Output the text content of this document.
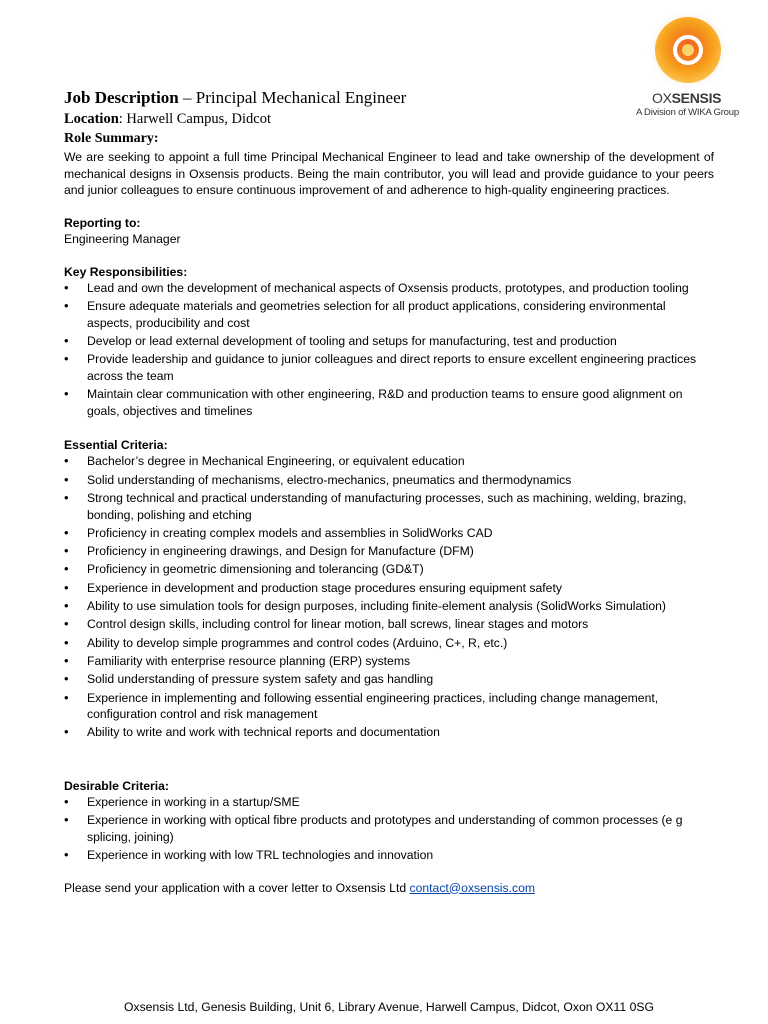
OXSENSIS
A Division of WIKA Group
Job Description – Principal Mechanical Engineer
Location: Harwell Campus, Didcot
Role Summary:

We are seeking to appoint a full time Principal Mechanical Engineer to lead and take ownership of the development of mechanical designs in Oxsensis products. Being the main contributor, you will lead and provide guidance to your peers and junior colleagues to ensure continuous improvement of and adherence to high-quality engineering practices.

Reporting to:

Engineering Manager

Key Responsibilities:
• Lead and own the development of mechanical aspects of Oxsensis products, prototypes, and production tooling
• Ensure adequate materials and geometries selection for all product applications, considering environmental aspects, producibility and cost
• Develop or lead external development of tooling and setups for manufacturing, test and production
• Provide leadership and guidance to junior colleagues and direct reports to ensure excellent engineering practices across the team
• Maintain clear communication with other engineering, R&D and production teams to ensure good alignment on goals, objectives and timelines
Essential Criteria:
• Bachelor’s degree in Mechanical Engineering, or equivalent education
• Solid understanding of mechanisms, electro-mechanics, pneumatics and thermodynamics
• Strong technical and practical understanding of manufacturing processes, such as machining, welding, brazing, bonding, polishing and etching
• Proficiency in creating complex models and assemblies in SolidWorks CAD
• Proficiency in engineering drawings, and Design for Manufacture (DFM)
• Proficiency in geometric dimensioning and tolerancing (GD&T)
• Experience in development and production stage procedures ensuring equipment safety
• Ability to use simulation tools for design purposes, including finite-element analysis (SolidWorks Simulation)
• Control design skills, including control for linear motion, ball screws, linear stages and motors
• Ability to develop simple programmes and control codes (Arduino, C+, R, etc.)
• Familiarity with enterprise resource planning (ERP) systems
• Solid understanding of pressure system safety and gas handling
• Experience in implementing and following essential engineering practices, including change management, configuration control and risk management
• Ability to write and work with technical reports and documentation
Desirable Criteria:
• Experience in working in a startup/SME
• Experience in working with optical fibre products and prototypes and understanding of common processes (e g splicing, joining)
• Experience in working with low TRL technologies and innovation

Please send your application with a cover letter to Oxsensis Ltd contact@oxsensis.com

Oxsensis Ltd, Genesis Building, Unit 6, Library Avenue, Harwell Campus, Didcot, Oxon OX11 0SG
